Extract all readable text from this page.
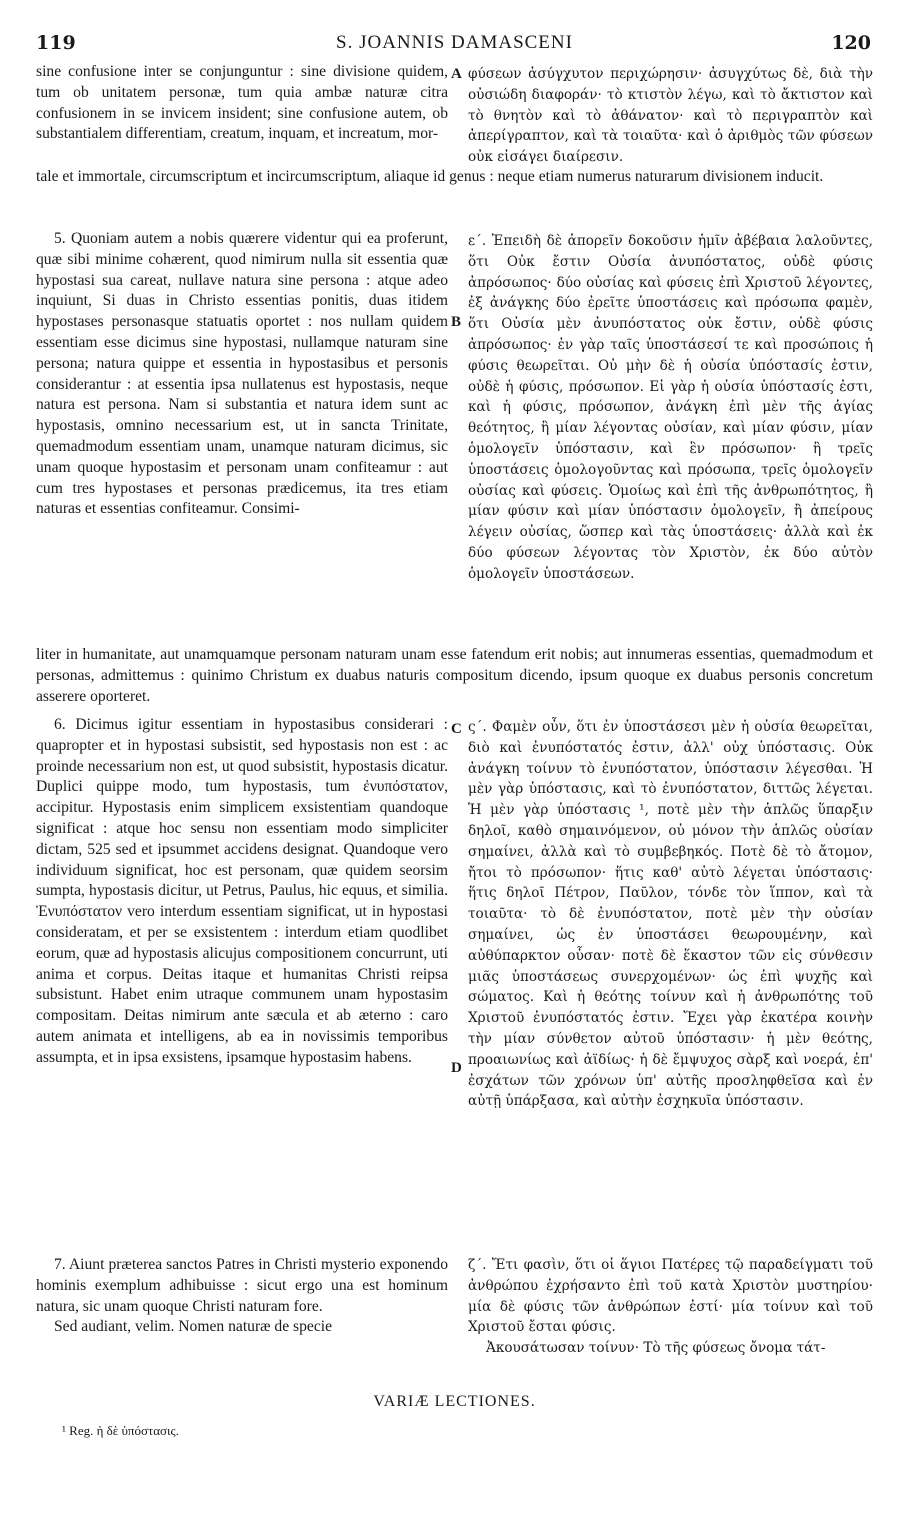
119	S. JOANNIS DAMASCENI	120
A
B
C
D

sine confusione inter se conjunguntur : sine divisione quidem, tum ob unitatem personæ, tum quia ambæ naturæ citra confusionem in se invicem insident; sine confusione autem, ob substantialem differentiam, creatum, inquam, et increatum, mor-

φύσεων ἀσύγχυτον περιχώρησιν· ἀσυγχύτως δὲ, διὰ τὴν οὐσιώδη διαφοράν· τὸ κτιστὸν λέγω, καὶ τὸ ἄκτιστον καὶ τὸ θνητὸν καὶ τὸ ἀθάνατον· καὶ τὸ περιγραπτὸν καὶ ἀπερίγραπτον, καὶ τὰ τοιαῦτα· καὶ ὁ ἀριθμὸς τῶν φύσεων οὐκ εἰσάγει διαίρεσιν.

tale et immortale, circumscriptum et incircumscriptum, aliaque id genus : neque etiam numerus naturarum divisionem inducit.

5. Quoniam autem a nobis quærere videntur qui ea proferunt, quæ sibi minime cohærent, quod nimirum nulla sit essentia quæ hypostasi sua careat, nullave natura sine persona : atque adeo inquiunt, Si duas in Christo essentias ponitis, duas itidem hypostases personasque statuatis oportet : nos nullam quidem essentiam esse dicimus sine hypostasi, nullamque naturam sine persona; natura quippe et essentia in hypostasibus et personis considerantur : at essentia ipsa nullatenus est hypostasis, neque natura est persona. Nam si substantia et natura idem sunt ac hypostasis, omnino necessarium est, ut in sancta Trinitate, quemadmodum essentiam unam, unamque naturam dicimus, sic unam quoque hypostasim et personam unam confiteamur : aut cum tres hypostases et personas prædicemus, ita tres etiam naturas et essentias confiteamur. Consimi-

ε΄. Ἐπειδὴ δὲ ἀπορεῖν δοκοῦσιν ἡμῖν ἀβέβαια λαλοῦντες, ὅτι Οὐκ ἔστιν Οὐσία ἀνυπόστατος, οὐδὲ φύσις ἀπρόσωπος· δύο οὐσίας καὶ φύσεις ἐπὶ Χριστοῦ λέγοντες, ἐξ ἀνάγκης δύο ἐρεῖτε ὑποστάσεις καὶ πρόσωπα φαμὲν, ὅτι Οὐσία μὲν ἀνυπόστατος οὐκ ἔστιν, οὐδὲ φύσις ἀπρόσωπος· ἐν γὰρ ταῖς ὑποστάσεσί τε καὶ προσώποις ἡ φύσις θεωρεῖται. Οὐ μὴν δὲ ἡ οὐσία ὑπόστασίς ἐστιν, οὐδὲ ἡ φύσις, πρόσωπον. Εἰ γὰρ ἡ οὐσία ὑπόστασίς ἐστι, καὶ ἡ φύσις, πρόσωπον, ἀνάγκη ἐπὶ μὲν τῆς ἁγίας θεότητος, ἢ μίαν λέγοντας οὐσίαν, καὶ μίαν φύσιν, μίαν ὁμολογεῖν ὑπόστασιν, καὶ ἓν πρόσωπον· ἢ τρεῖς ὑποστάσεις ὁμολογοῦντας καὶ πρόσωπα, τρεῖς ὁμολογεῖν οὐσίας καὶ φύσεις. Ὁμοίως καὶ ἐπὶ τῆς ἀνθρωπότητος, ἢ μίαν φύσιν καὶ μίαν ὑπόστασιν ὁμολογεῖν, ἢ ἀπείρους λέγειν οὐσίας, ὥσπερ καὶ τὰς ὑποστάσεις· ἀλλὰ καὶ ἐκ δύο φύσεων λέγοντας τὸν Χριστὸν, ἐκ δύο αὐτὸν ὁμολογεῖν ὑποστάσεων.

liter in humanitate, aut unamquamque personam naturam unam esse fatendum erit nobis; aut innumeras essentias, quemadmodum et personas, admittemus : quinimo Christum ex duabus naturis compositum dicendo, ipsum quoque ex duabus personis concretum asserere oporteret.

6. Dicimus igitur essentiam in hypostasibus considerari : quapropter et in hypostasi subsistit, sed hypostasis non est : ac proinde necessarium non est, ut quod subsistit, hypostasis dicatur. Duplici quippe modo, tum hypostasis, tum ἐνυπόστατον, accipitur. Hypostasis enim simplicem exsistentiam quandoque significat : atque hoc sensu non essentiam modo simpliciter dictam, 525 sed et ipsummet accidens designat. Quandoque vero individuum significat, hoc est personam, quæ quidem seorsim sumpta, hypostasis dicitur, ut Petrus, Paulus, hic equus, et similia. Ἐνυπόστατον vero interdum essentiam significat, ut in hypostasi consideratam, et per se exsistentem : interdum etiam quodlibet eorum, quæ ad hypostasis alicujus compositionem concurrunt, uti anima et corpus. Deitas itaque et humanitas Christi reipsa subsistunt. Habet enim utraque communem unam hypostasim compositam. Deitas nimirum ante sæcula et ab æterno : caro autem animata et intelligens, ab ea in novissimis temporibus assumpta, et in ipsa exsistens, ipsamque hypostasim habens.

ς΄. Φαμὲν οὖν, ὅτι ἐν ὑποστάσεσι μὲν ἡ οὐσία θεωρεῖται, διὸ καὶ ἐνυπόστατός ἐστιν, ἀλλ' οὐχ ὑπόστασις. Οὐκ ἀνάγκη τοίνυν τὸ ἐνυπόστατον, ὑπόστασιν λέγεσθαι. Ἡ μὲν γὰρ ὑπόστασις, καὶ τὸ ἐνυπόστατον, διττῶς λέγεται. Ἡ μὲν γὰρ ὑπόστασις ¹, ποτὲ μὲν τὴν ἁπλῶς ὕπαρξιν δηλοῖ, καθὸ σημαινόμενον, οὐ μόνον τὴν ἁπλῶς οὐσίαν σημαίνει, ἀλλὰ καὶ τὸ συμβεβηκός. Ποτὲ δὲ τὸ ἄτομον, ἤτοι τὸ πρόσωπον· ἥτις καθ' αὑτὸ λέγεται ὑπόστασις· ἥτις δηλοῖ Πέτρον, Παῦλον, τόνδε τὸν ἵππον, καὶ τὰ τοιαῦτα· τὸ δὲ ἐνυπόστατον, ποτὲ μὲν τὴν οὐσίαν σημαίνει, ὡς ἐν ὑποστάσει θεωρουμένην, καὶ αὐθύπαρκτον οὖσαν· ποτὲ δὲ ἕκαστον τῶν εἰς σύνθεσιν μιᾶς ὑποστάσεως συνερχομένων· ὡς ἐπὶ ψυχῆς καὶ σώματος. Καὶ ἡ θεότης τοίνυν καὶ ἡ ἀνθρωπότης τοῦ Χριστοῦ ἐνυπόστατός ἐστιν. Ἔχει γὰρ ἑκατέρα κοινὴν τὴν μίαν σύνθετον αὐτοῦ ὑπόστασιν· ἡ μὲν θεότης, προαιωνίως καὶ ἀϊδίως· ἡ δὲ ἔμψυχος σὰρξ καὶ νοερά, ἐπ' ἐσχάτων τῶν χρόνων ὑπ' αὐτῆς προσληφθεῖσα καὶ ἐν αὐτῇ ὑπάρξασα, καὶ αὐτὴν ἐσχηκυῖα ὑπόστασιν.

7. Aiunt præterea sanctos Patres in Christi mysterio exponendo hominis exemplum adhibuisse : sicut ergo una est hominum natura, sic unam quoque Christi naturam fore.

Sed audiant, velim. Nomen naturæ de specie

ζ΄. Ἔτι φασὶν, ὅτι οἱ ἅγιοι Πατέρες τῷ παραδείγματι τοῦ ἀνθρώπου ἐχρήσαντο ἐπὶ τοῦ κατὰ Χριστὸν μυστηρίου· μία δὲ φύσις τῶν ἀνθρώπων ἐστί· μία τοίνυν καὶ τοῦ Χριστοῦ ἔσται φύσις.

Ἀκουσάτωσαν τοίνυν· Τὸ τῆς φύσεως ὄνομα τάτ-

VARIÆ LECTIONES.
¹ Reg. ἡ δὲ ὑπόστασις.
